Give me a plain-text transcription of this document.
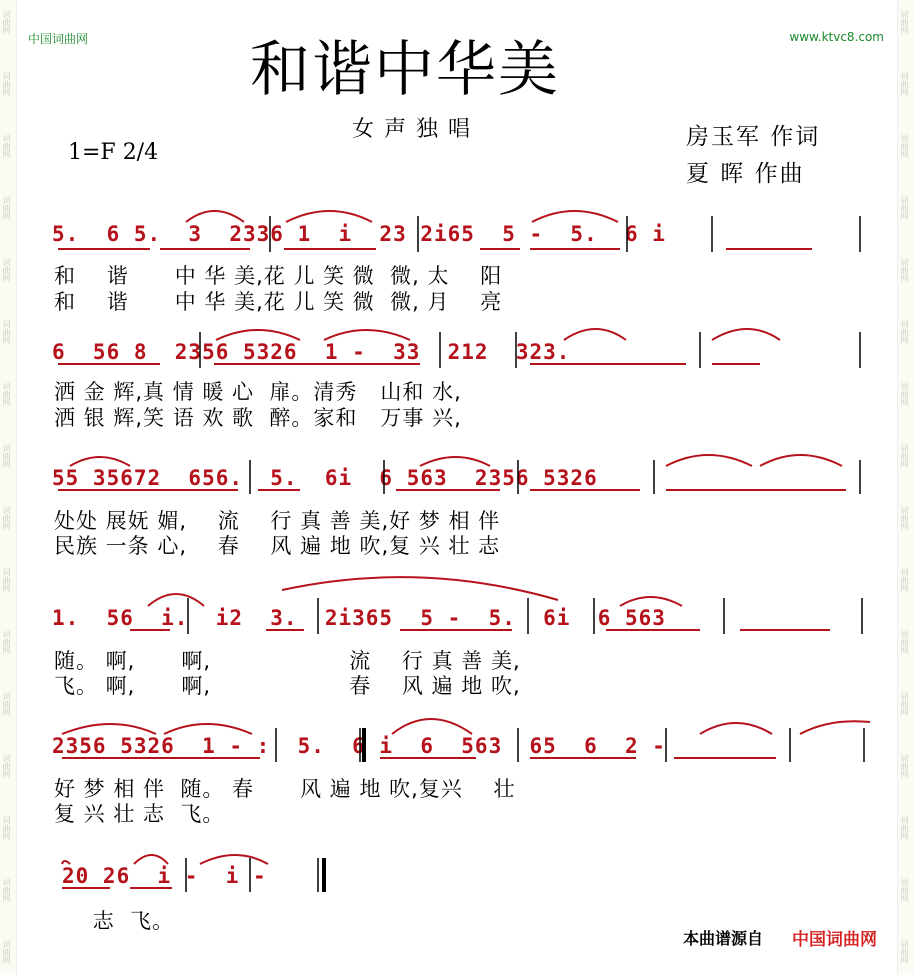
词曲网
词曲网
词曲网
词曲网
词曲网
词曲网
词曲网
词曲网
词曲网
词曲网
词曲网
词曲网
词曲网
词曲网
词曲网
词曲网
词曲网
词曲网
词曲网
词曲网
词曲网
词曲网
词曲网
词曲网
词曲网
词曲网
词曲网
词曲网
词曲网
词曲网
词曲网
词曲网
中国词曲网	www.ktvc8.com
和谐中华美
女声独唱
1=F 2/4
房玉军 作词
夏 晖 作曲
5.  6 5.  3  2336 1  i  23 2i65  5 -  5.  6 i
和    谐      中 华 美,花 儿 笑 微  微, 太    阳
和    谐      中 华 美,花 儿 笑 微  微, 月    亮
6  56 8  2356 5326  1 -  33  212  323.
洒 金 辉,真 情 暖 心  扉。清秀   山和 水,
洒 银 辉,笑 语 欢 歌  醉。家和   万事 兴,
55 35672  656.  5.  6i  6 563  2356 5326
处处 展妩 媚,    流    行 真 善 美,好 梦 相 伴
民族 一条 心,    春    风 遍 地 吹,复 兴 壮 志
1.  56  i.  i2  3.  2i365  5 -  5.  6i  6 563
随。 啊,      啊,                  流    行 真 善 美,
飞。 啊,      啊,                  春    风 遍 地 吹,
2356 5326  1 - :  5.  6 i  6  563  65  6  2 -
好 梦 相 伴  随。 春      风 遍 地 吹,复兴    壮
复 兴 壮 志  飞。
20 26  i -  i -
志  飞。
本曲谱源自 中国词曲网
